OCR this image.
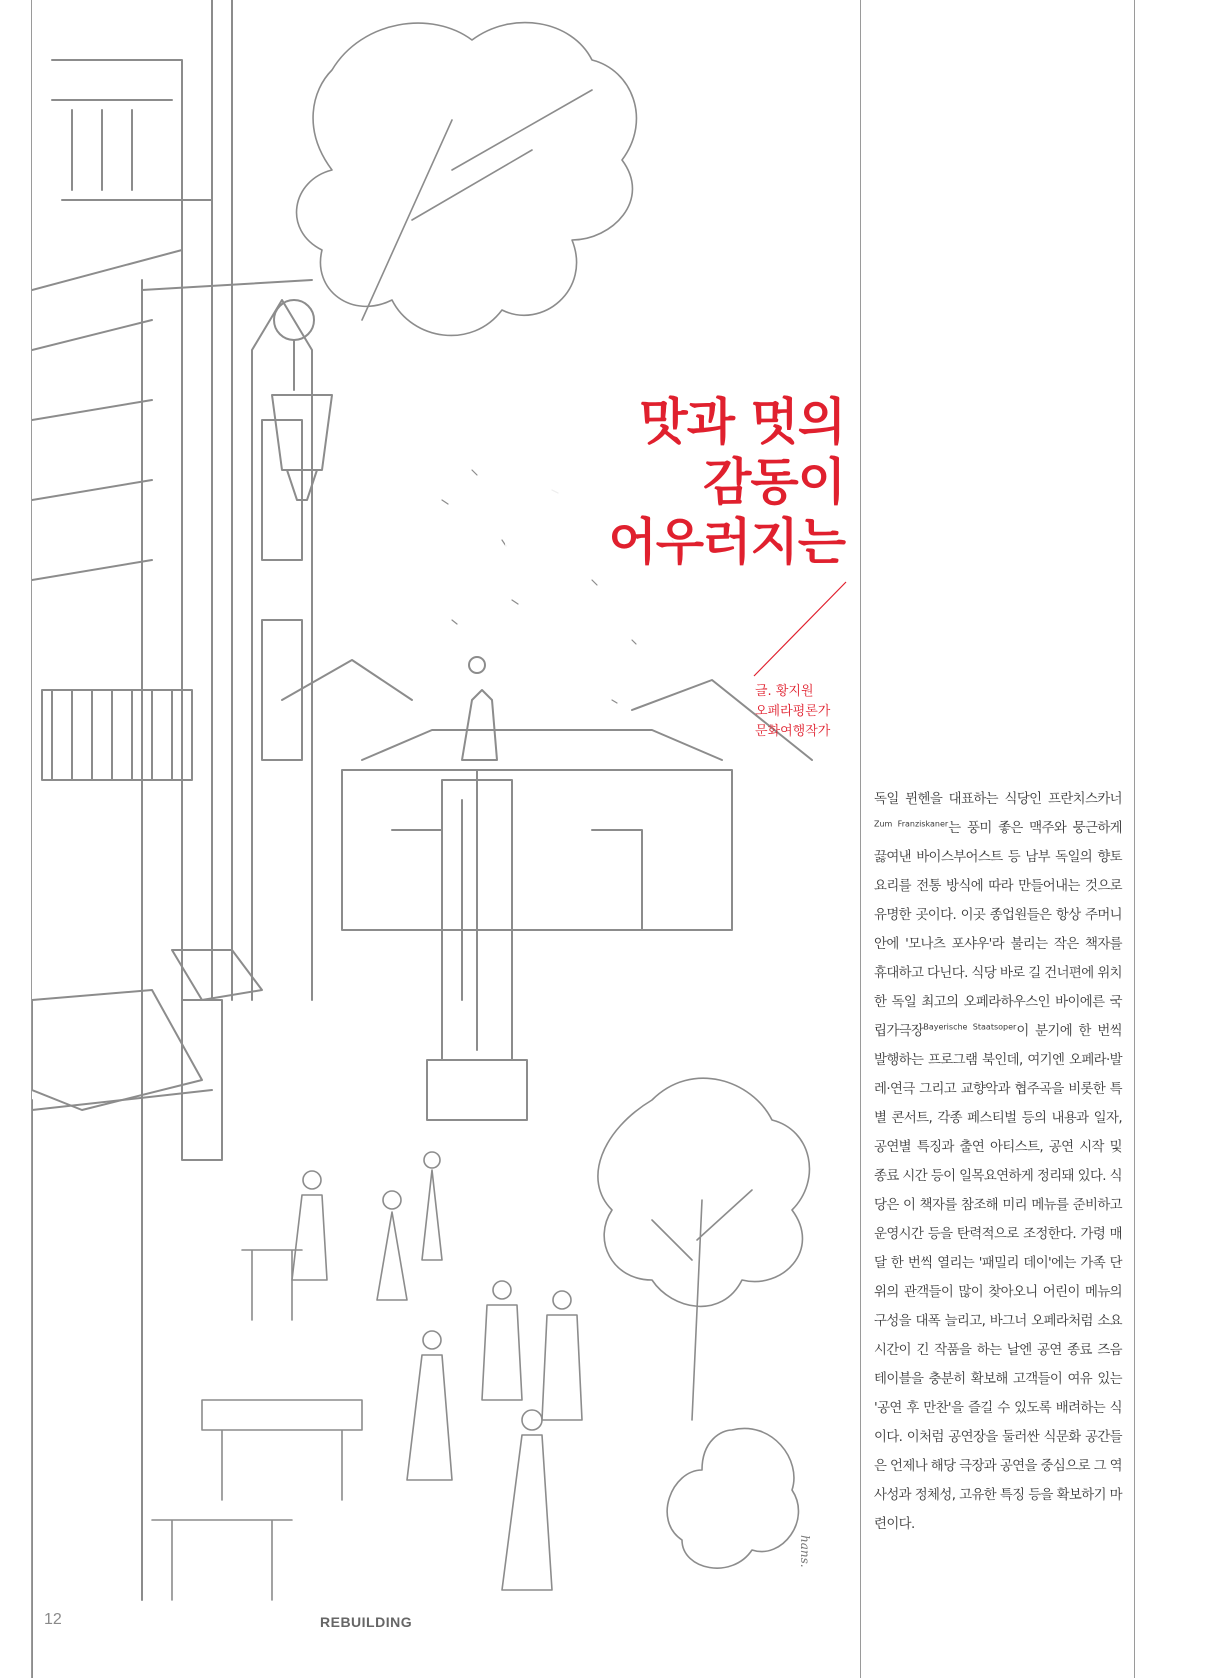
맛과 멋의
감동이
어우러지는
글. 황지원
오페라평론가
문화여행작가
독일 뮌헨을 대표하는 식당인 프란치스카너$^{Zum Franziskaner}$는 풍미 좋은 맥주와 뭉근하게 끓여낸 바이스부어스트 등 남부 독일의 향토 요리를 전통 방식에 따라 만들어내는 것으로 유명한 곳이다. 이곳 종업원들은 항상 주머니 안에 '모나츠 포샤우'라 불리는 작은 책자를 휴대하고 다닌다. 식당 바로 길 건너편에 위치한 독일 최고의 오페라하우스인 바이에른 국립가극장$^{Bayerische Staatsoper}$이 분기에 한 번씩 발행하는 프로그램 북인데, 여기엔 오페라·발레·연극 그리고 교향악과 협주곡을 비롯한 특별 콘서트, 각종 페스티벌 등의 내용과 일자, 공연별 특징과 출연 아티스트, 공연 시작 및 종료 시간 등이 일목요연하게 정리돼 있다. 식당은 이 책자를 참조해 미리 메뉴를 준비하고 운영시간 등을 탄력적으로 조정한다. 가령 매달 한 번씩 열리는 '패밀리 데이'에는 가족 단위의 관객들이 많이 찾아오니 어린이 메뉴의 구성을 대폭 늘리고, 바그너 오페라처럼 소요 시간이 긴 작품을 하는 날엔 공연 종료 즈음 테이블을 충분히 확보해 고객들이 여유 있는 '공연 후 만찬'을 즐길 수 있도록 배려하는 식이다. 이처럼 공연장을 둘러싼 식문화 공간들은 언제나 해당 극장과 공연을 중심으로 그 역사성과 정체성, 고유한 특징 등을 확보하기 마련이다.
hans.
12	REBUILDING
